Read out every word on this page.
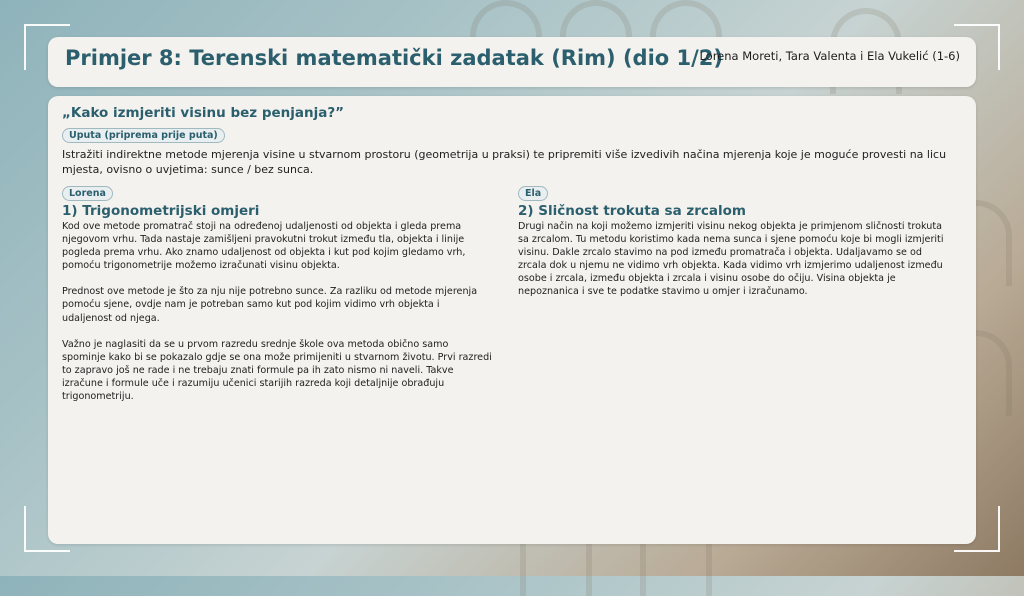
Primjer 8: Terenski matematički zadatak (Rim) (dio 1/2)
Lorena Moreti, Tara Valenta i Ela Vukelić (1-6)
„Kako izmjeriti visinu bez penjanja?”
Uputa (priprema prije puta)
Istražiti indirektne metode mjerenja visine u stvarnom prostoru (geometrija u praksi) te pripremiti više izvedivih načina mjerenja koje je moguće provesti na licu mjesta, ovisno o uvjetima: sunce / bez sunca.
Lorena
1) Trigonometrijski omjeri

Kod ove metode promatrač stoji na određenoj udaljenosti od objekta i gleda prema njegovom vrhu. Tada nastaje zamišljeni pravokutni trokut između tla, objekta i linije pogleda prema vrhu. Ako znamo udaljenost od objekta i kut pod kojim gledamo vrh, pomoću trigonometrije možemo izračunati visinu objekta.

Prednost ove metode je što za nju nije potrebno sunce. Za razliku od metode mjerenja pomoću sjene, ovdje nam je potreban samo kut pod kojim vidimo vrh objekta i udaljenost od njega.

Važno je naglasiti da se u prvom razredu srednje škole ova metoda obično samo spominje kako bi se pokazalo gdje se ona može primijeniti u stvarnom životu. Prvi razredi to zapravo još ne rade i ne trebaju znati formule pa ih zato nismo ni naveli. Takve izračune i formule uče i razumiju učenici starijih razreda koji detaljnije obrađuju trigonometriju.

Ela
2) Sličnost trokuta sa zrcalom

Drugi način na koji možemo izmjeriti visinu nekog objekta je primjenom sličnosti trokuta sa zrcalom. Tu metodu koristimo kada nema sunca i sjene pomoću koje bi mogli izmjeriti visinu. Dakle zrcalo stavimo na pod između promatrača i objekta. Udaljavamo se od zrcala dok u njemu ne vidimo vrh objekta. Kada vidimo vrh izmjerimo udaljenost između osobe i zrcala, između objekta i zrcala i visinu osobe do očiju. Visina objekta je nepoznanica i sve te podatke stavimo u omjer i izračunamo.
